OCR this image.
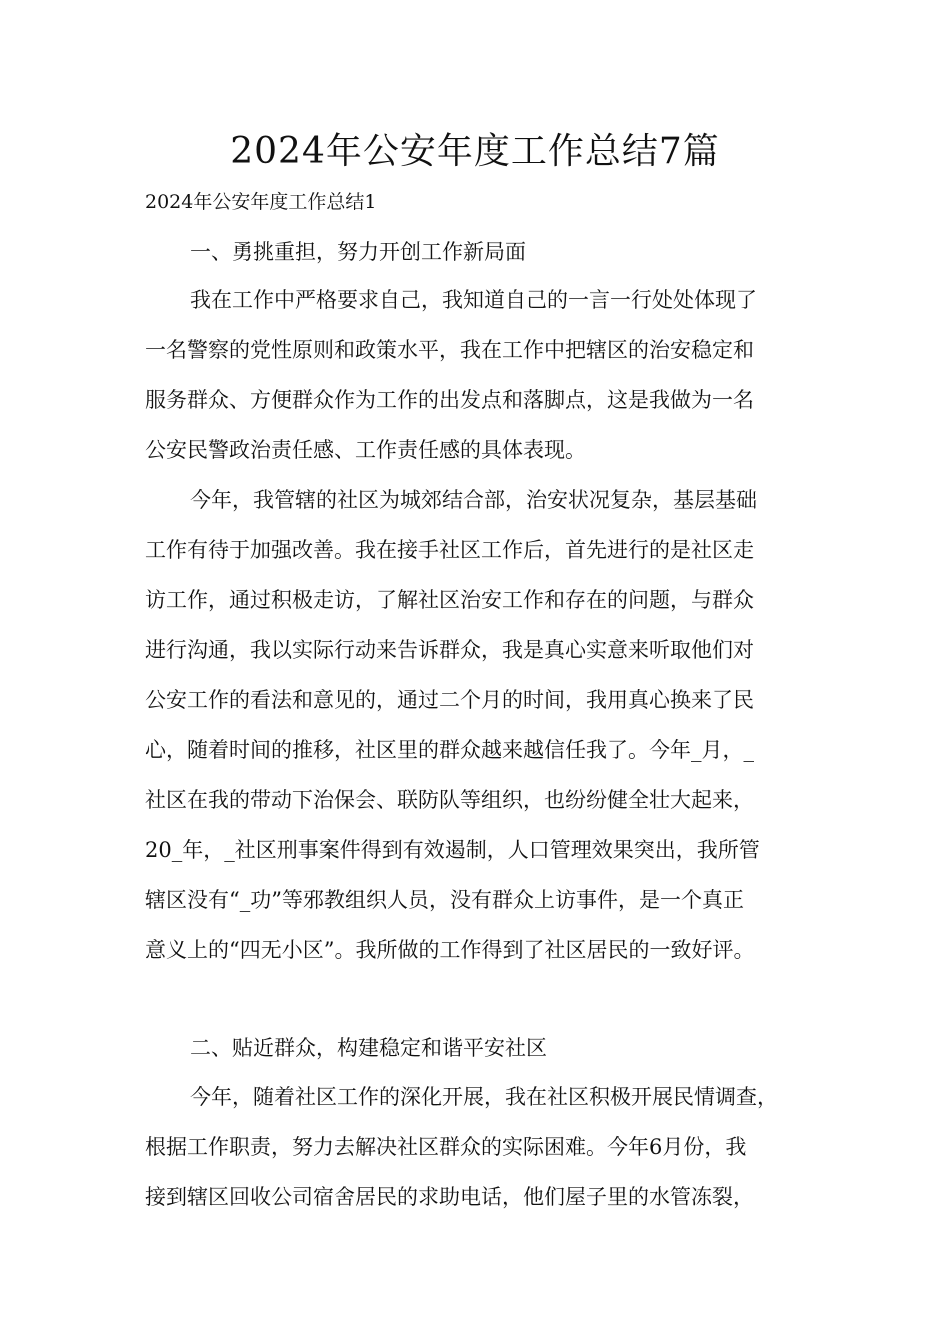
2024年公安年度工作总结7篇

2024年公安年度工作总结1

一、勇挑重担，努力开创工作新局面

我在工作中严格要求自己，我知道自己的一言一行处处体现了
一名警察的党性原则和政策水平，我在工作中把辖区的治安稳定和
服务群众、方便群众作为工作的出发点和落脚点，这是我做为一名
公安民警政治责任感、工作责任感的具体表现。
今年，我管辖的社区为城郊结合部，治安状况复杂，基层基础
工作有待于加强改善。我在接手社区工作后，首先进行的是社区走
访工作，通过积极走访，了解社区治安工作和存在的问题，与群众
进行沟通，我以实际行动来告诉群众，我是真心实意来听取他们对
公安工作的看法和意见的，通过二个月的时间，我用真心换来了民
心，随着时间的推移，社区里的群众越来越信任我了。今年_月，_
社区在我的带动下治保会、联防队等组织，也纷纷健全壮大起来，
20_年，_社区刑事案件得到有效遏制，人口管理效果突出，我所管
辖区没有“_功”等邪教组织人员，没有群众上访事件，是一个真正
意义上的“四无小区”。我所做的工作得到了社区居民的一致好评。

二、贴近群众，构建稳定和谐平安社区

今年，随着社区工作的深化开展，我在社区积极开展民情调查，
根据工作职责，努力去解决社区群众的实际困难。今年6月份，我
接到辖区回收公司宿舍居民的求助电话，他们屋子里的水管冻裂，
